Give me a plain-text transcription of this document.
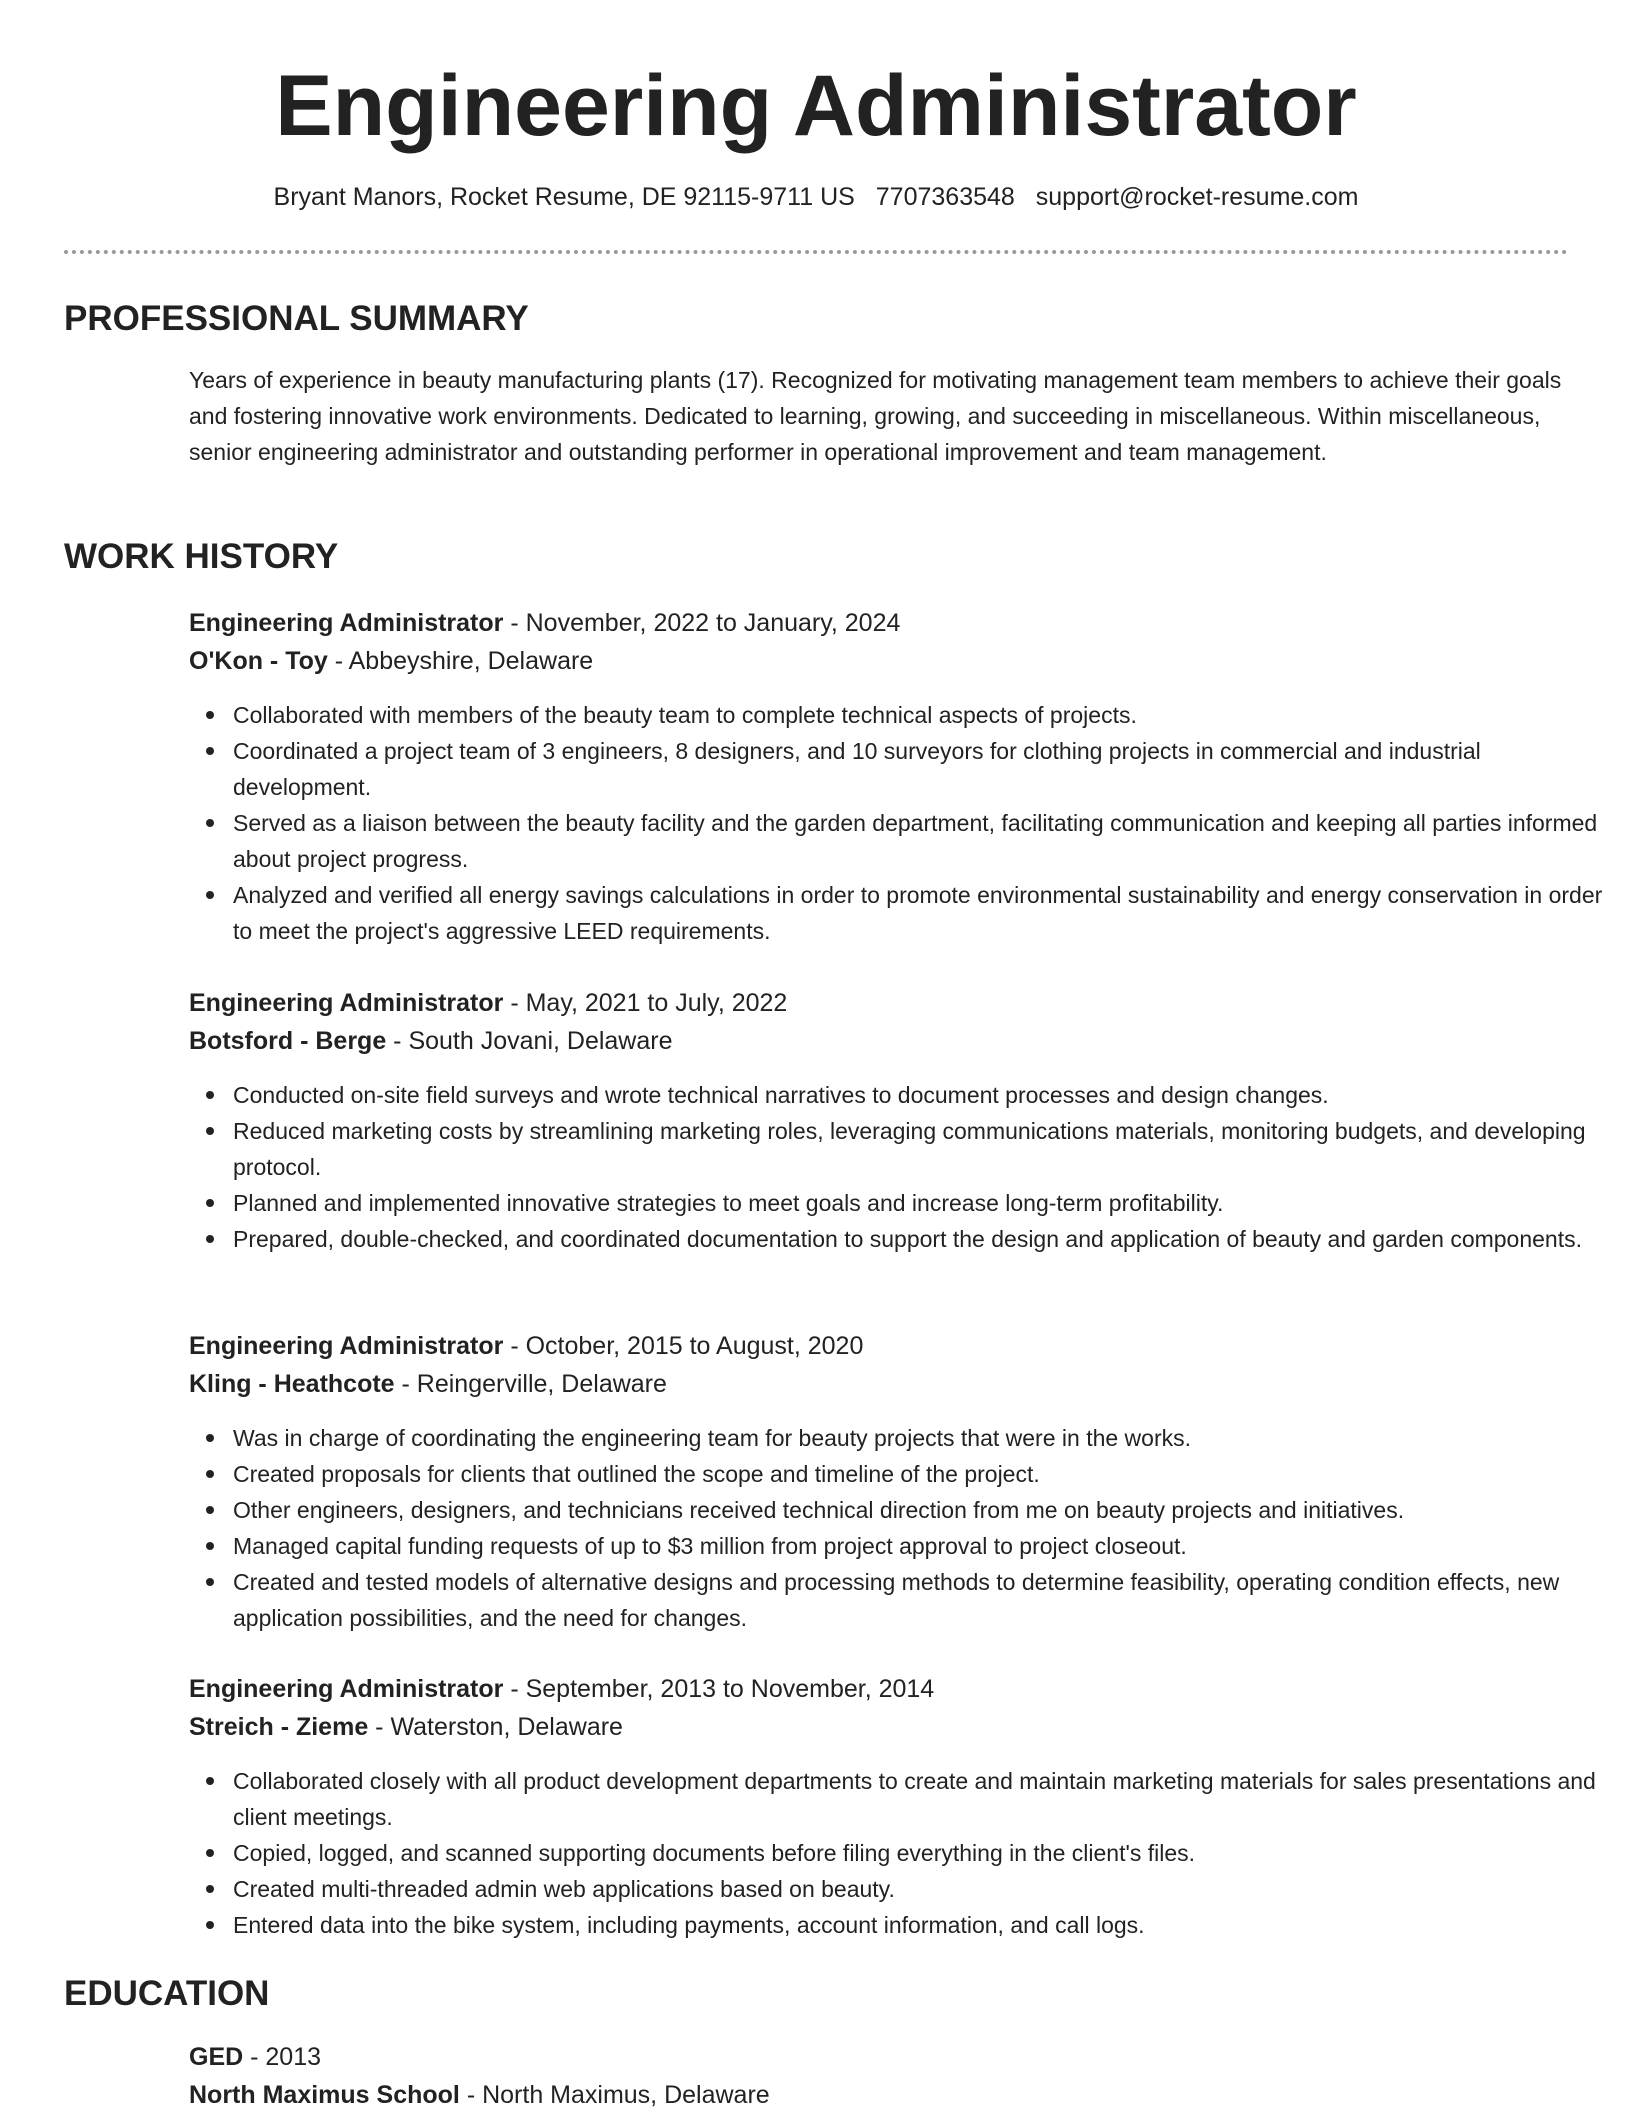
Engineering Administrator
Bryant Manors, Rocket Resume, DE 92115-9711 US 7707363548 support@rocket-resume.com
PROFESSIONAL SUMMARY

Years of experience in beauty manufacturing plants (17). Recognized for motivating management team members to achieve their goals and fostering innovative work environments. Dedicated to learning, growing, and succeeding in miscellaneous. Within miscellaneous, senior engineering administrator and outstanding performer in operational improvement and team management.

WORK HISTORY
Engineering Administrator - November, 2022 to January, 2024
O'Kon - Toy - Abbeyshire, Delaware
Collaborated with members of the beauty team to complete technical aspects of projects.
Coordinated a project team of 3 engineers, 8 designers, and 10 surveyors for clothing projects in commercial and industrial development.
Served as a liaison between the beauty facility and the garden department, facilitating communication and keeping all parties informed about project progress.
Analyzed and verified all energy savings calculations in order to promote environmental sustainability and energy conservation in order to meet the project's aggressive LEED requirements.
Engineering Administrator - May, 2021 to July, 2022
Botsford - Berge - South Jovani, Delaware
Conducted on-site field surveys and wrote technical narratives to document processes and design changes.
Reduced marketing costs by streamlining marketing roles, leveraging communications materials, monitoring budgets, and developing protocol.
Planned and implemented innovative strategies to meet goals and increase long-term profitability.
Prepared, double-checked, and coordinated documentation to support the design and application of beauty and garden components.
Engineering Administrator - October, 2015 to August, 2020
Kling - Heathcote - Reingerville, Delaware
Was in charge of coordinating the engineering team for beauty projects that were in the works.
Created proposals for clients that outlined the scope and timeline of the project.
Other engineers, designers, and technicians received technical direction from me on beauty projects and initiatives.
Managed capital funding requests of up to $3 million from project approval to project closeout.
Created and tested models of alternative designs and processing methods to determine feasibility, operating condition effects, new application possibilities, and the need for changes.
Engineering Administrator - September, 2013 to November, 2014
Streich - Zieme - Waterston, Delaware
Collaborated closely with all product development departments to create and maintain marketing materials for sales presentations and client meetings.
Copied, logged, and scanned supporting documents before filing everything in the client's files.
Created multi-threaded admin web applications based on beauty.
Entered data into the bike system, including payments, account information, and call logs.
EDUCATION
GED - 2013
North Maximus School - North Maximus, Delaware
